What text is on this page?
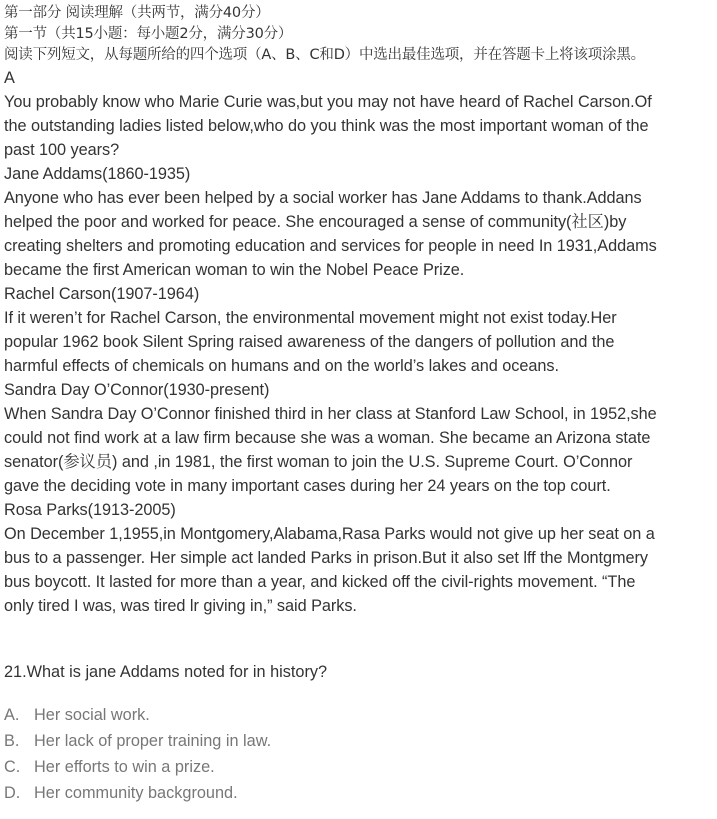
第一部分 阅读理解（共两节，满分40分）
第一节（共15小题：每小题2分，满分30分）
阅读下列短文，从每题所给的四个选项（A、B、C和D）中选出最佳选项，并在答题卡上将该项涂黑。
A
You probably know who Marie Curie was,but you may not have heard of Rachel Carson.Of
the outstanding ladies listed below,who do you think was the most important woman of the
past 100 years?
Jane Addams(1860-1935)
Anyone who has ever been helped by a social worker has Jane Addams to thank.Addans
helped the poor and worked for peace. She encouraged a sense of community(社区)by
creating shelters and promoting education and services for people in need In 1931,Addams
became the first American woman to win the Nobel Peace Prize.
Rachel Carson(1907-1964)
If it weren’t for Rachel Carson, the environmental movement might not exist today.Her
popular 1962 book Silent Spring raised awareness of the dangers of pollution and the
harmful effects of chemicals on humans and on the world’s lakes and oceans.
Sandra Day O’Connor(1930-present)
When Sandra Day O’Connor finished third in her class at Stanford Law School, in 1952,she
could not find work at a law firm because she was a woman. She became an Arizona state
senator(参议员) and ,in 1981, the first woman to join the U.S. Supreme Court. O’Connor
gave the deciding vote in many important cases during her 24 years on the top court.
Rosa Parks(1913-2005)
On December 1,1955,in Montgomery,Alabama,Rasa Parks would not give up her seat on a
bus to a passenger. Her simple act landed Parks in prison.But it also set lff the Montgmery
bus boycott. It lasted for more than a year, and kicked off the civil-rights movement. “The
only tired I was, was tired lr giving in,” said Parks.
21.What is jane Addams noted for in history?
A. Her social work.
B. Her lack of proper training in law.
C. Her efforts to win a prize.
D. Her community background.
